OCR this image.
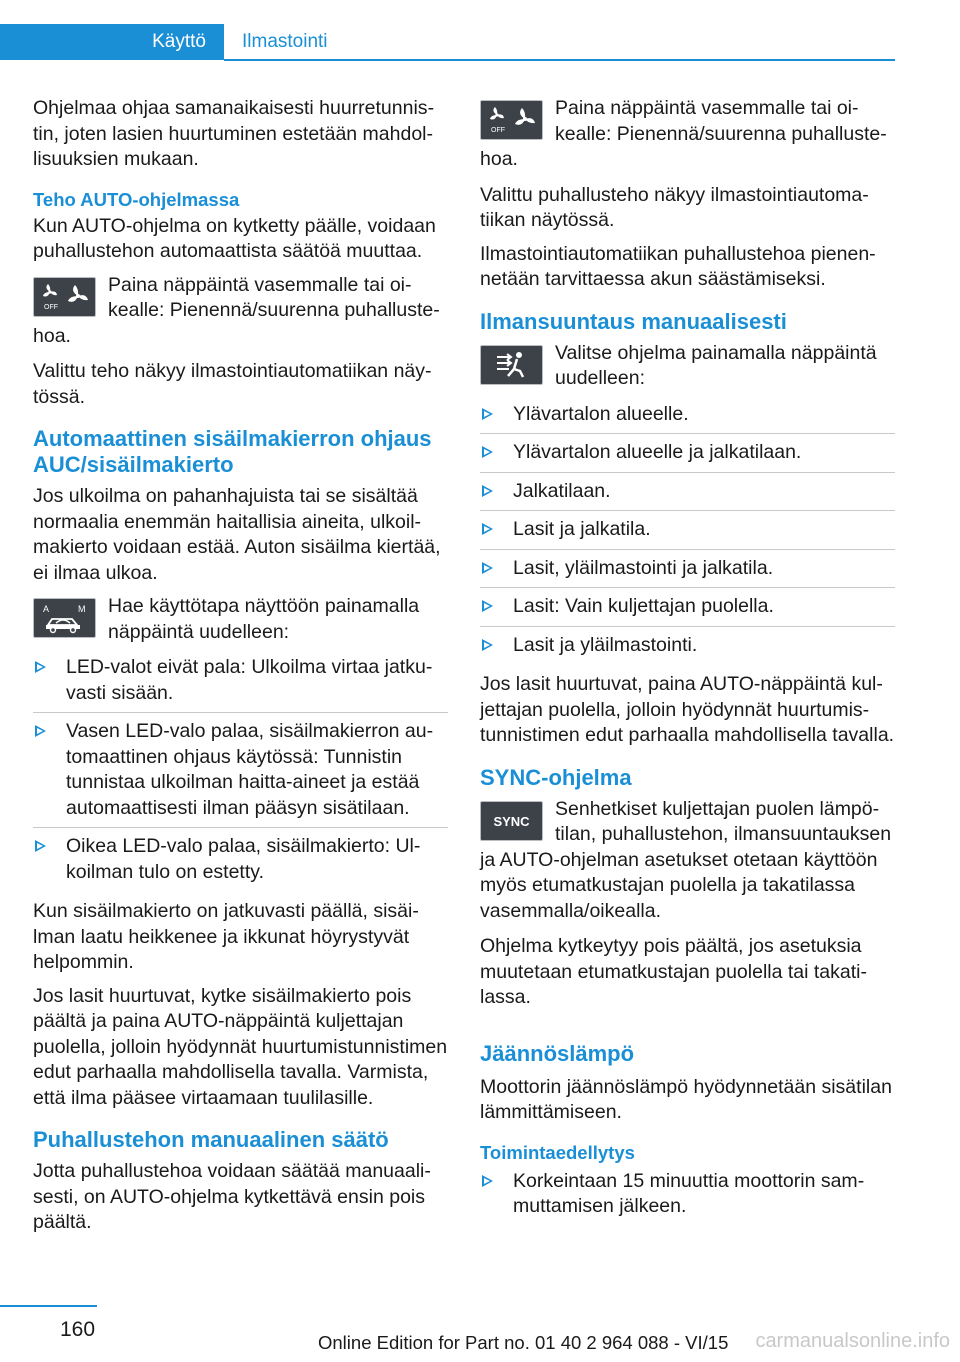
Käyttö	Ilmastointi

Ohjelmaa ohjaa samanaikaisesti huurretunnistin, joten lasien huurtuminen estetään mahdollisuuksien mukaan.

Teho AUTO-ohjelmassa

Kun AUTO-ohjelma on kytketty päälle, voidaan puhallustehon automaattista säätöä muuttaa.

OFF
Paina näppäintä vasemmalle tai oikealle: Pienennä/suurenna puhallustehoa.

Valittu teho näkyy ilmastointiautomatiikan näytössä.

Automaattinen sisäilmakierron ohjaus AUC/sisäilmakierto

Jos ulkoilma on pahanhajuista tai se sisältää normaalia enemmän haitallisia aineita, ulkoilmakierto voidaan estää. Auton sisäilma kiertää, ei ilmaa ulkoa.

A	M Hae käyttötapa näyttöön painamalla näppäintä uudelleen:
LED-valot eivät pala: Ulkoilma virtaa jatkuvasti sisään.
Vasen LED-valo palaa, sisäilmakierron automaattinen ohjaus käytössä: Tunnistin tunnistaa ulkoilman haitta-aineet ja estää automaattisesti ilman pääsyn sisätilaan.
Oikea LED-valo palaa, sisäilmakierto: Ulkoilman tulo on estetty.

Kun sisäilmakierto on jatkuvasti päällä, sisäilman laatu heikkenee ja ikkunat höyrystyvät helpommin.

Jos lasit huurtuvat, kytke sisäilmakierto pois päältä ja paina AUTO-näppäintä kuljettajan puolella, jolloin hyödynnät huurtumistunnistimen edut parhaalla mahdollisella tavalla. Varmista, että ilma pääsee virtaamaan tuulilasille.

Puhallustehon manuaalinen säätö

Jotta puhallustehoa voidaan säätää manuaalisesti, on AUTO-ohjelma kytkettävä ensin pois päältä.

OFF
Paina näppäintä vasemmalle tai oikealle: Pienennä/suurenna puhallustehoa.

Valittu puhallusteho näkyy ilmastointiautomatiikan näytössä.

Ilmastointiautomatiikan puhallustehoa pienennetään tarvittaessa akun säästämiseksi.

Ilmansuuntaus manuaalisesti
Valitse ohjelma painamalla näppäintä uudelleen:
Ylävartalon alueelle.
Ylävartalon alueelle ja jalkatilaan.
Jalkatilaan.
Lasit ja jalkatila.
Lasit, yläilmastointi ja jalkatila.
Lasit: Vain kuljettajan puolella.
Lasit ja yläilmastointi.

Jos lasit huurtuvat, paina AUTO-näppäintä kuljettajan puolella, jolloin hyödynnät huurtumistunnistimen edut parhaalla mahdollisella tavalla.

SYNC-ohjelma
SYNC
Senhetkiset kuljettajan puolen lämpötilan, puhallustehon, ilmansuuntauksen ja AUTO-ohjelman asetukset otetaan käyttöön myös etumatkustajan puolella ja takatilassa vasemmalla/oikealla.

Ohjelma kytkeytyy pois päältä, jos asetuksia muutetaan etumatkustajan puolella tai takatilassa.

Jäännöslämpö

Moottorin jäännöslämpö hyödynnetään sisätilan lämmittämiseen.

Toimintaedellytys
Korkeintaan 15 minuuttia moottorin sammuttamisen jälkeen.
160
Online Edition for Part no. 01 40 2 964 088 - VI/15 carmanualsonline.info
